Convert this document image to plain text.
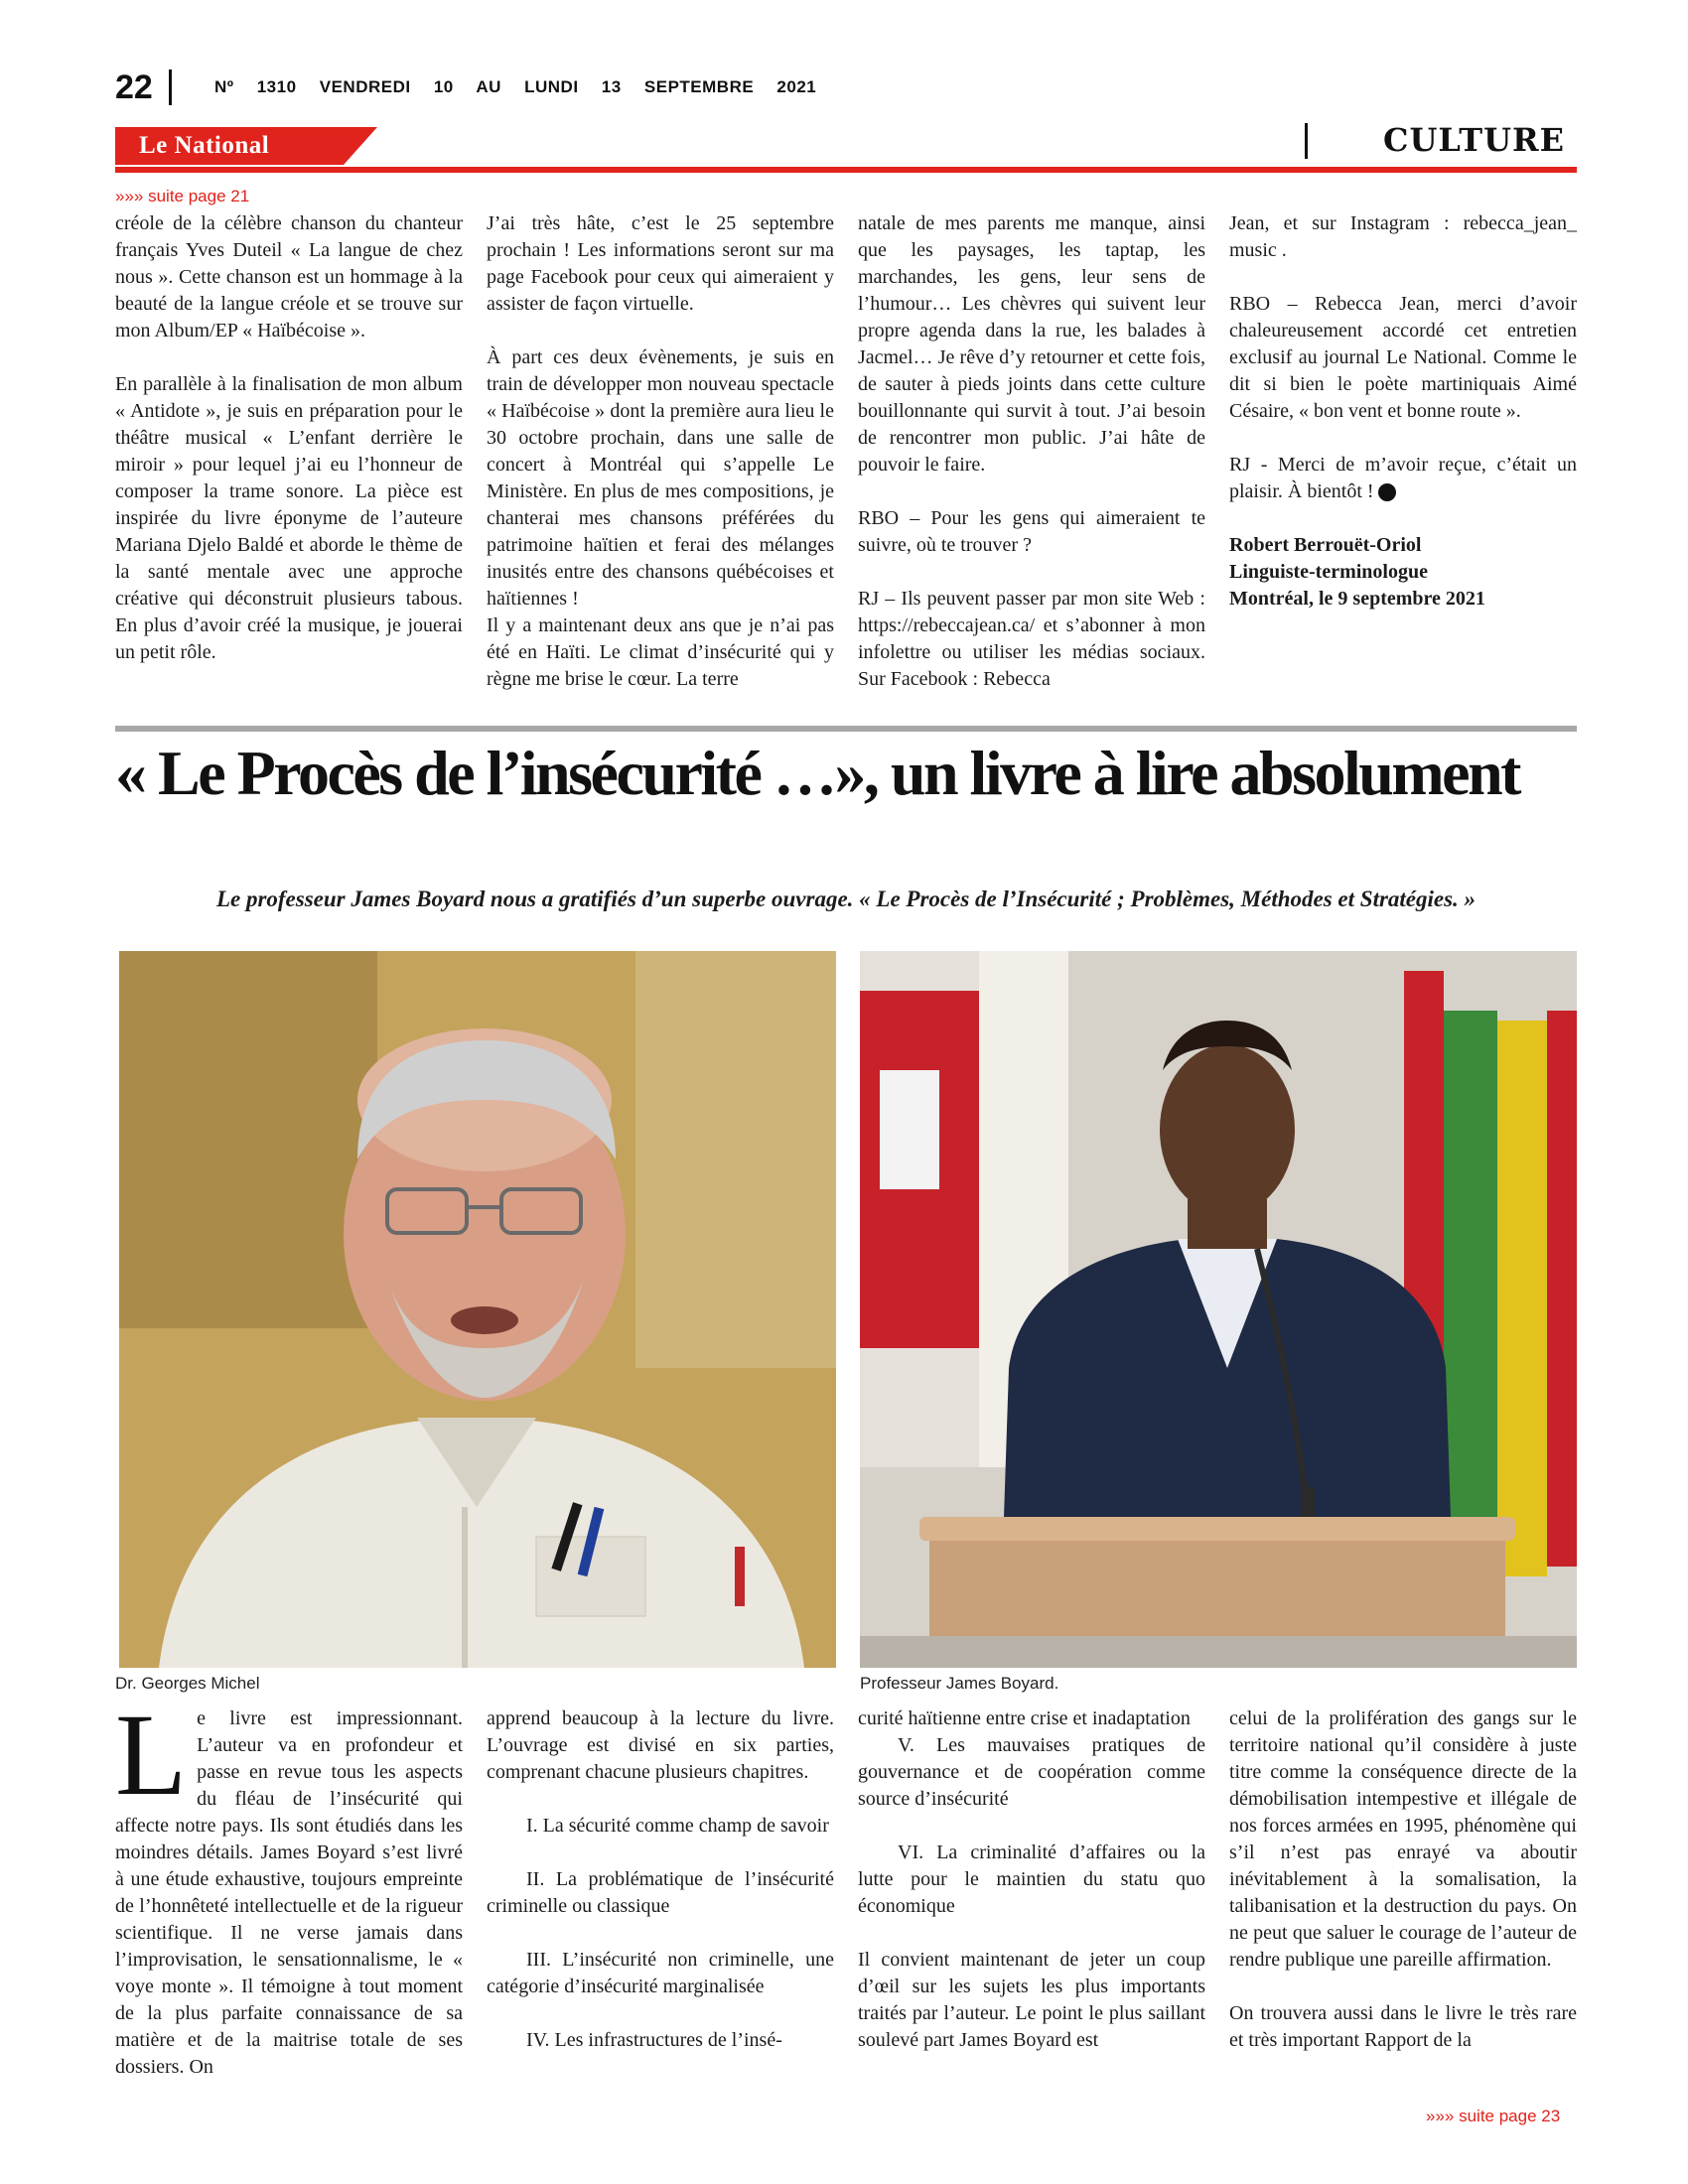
22	Nº 1310 VENDREDI 10 AU LUNDI 13 SEPTEMBRE 2021
Le National	CULTURE
»»» suite page 21

créole de la célèbre chanson du chanteur français Yves Duteil « La langue de chez nous ». Cette chanson est un hommage à la beauté de la langue créole et se trouve sur mon Album/EP « Haïbécoise ».

En parallèle à la finalisation de mon album « Antidote », je suis en préparation pour le théâtre musical « L’enfant derrière le miroir » pour lequel j’ai eu l’honneur de composer la trame sonore. La pièce est inspirée du livre éponyme de l’auteure Mariana Djelo Baldé et aborde le thème de la santé mentale avec une approche créative qui déconstruit plusieurs tabous. En plus d’avoir créé la musique, je jouerai un petit rôle.

J’ai très hâte, c’est le 25 septembre prochain ! Les informations seront sur ma page Facebook pour ceux qui aimeraient y assister de façon virtuelle.

À part ces deux évènements, je suis en train de développer mon nouveau spectacle « Haïbécoise » dont la première aura lieu le 30 octobre prochain, dans une salle de concert à Montréal qui s’appelle Le Ministère. En plus de mes compositions, je chanterai mes chansons préférées du patrimoine haïtien et ferai des mélanges inusités entre des chansons québécoises et haïtiennes !

Il y a maintenant deux ans que je n’ai pas été en Haïti. Le climat d’insécurité qui y règne me brise le cœur. La terre

natale de mes parents me manque, ainsi que les paysages, les taptap, les marchandes, les gens, leur sens de l’humour… Les chèvres qui suivent leur propre agenda dans la rue, les balades à Jacmel… Je rêve d’y retourner et cette fois, de sauter à pieds joints dans cette culture bouillonnante qui survit à tout. J’ai besoin de rencontrer mon public. J’ai hâte de pouvoir le faire.

RBO – Pour les gens qui aimeraient te suivre, où te trouver ?

RJ – Ils peuvent passer par mon site Web : https://rebeccajean.ca/ et s’abonner à mon infolettre ou utiliser les médias sociaux. Sur Facebook : Rebecca

Jean, et sur Instagram : rebecca_jean_ music .

RBO – Rebecca Jean, merci d’avoir chaleureusement accordé cet entretien exclusif au journal Le National. Comme le dit si bien le poète martiniquais Aimé Césaire, « bon vent et bonne route ».

RJ - Merci de m’avoir reçue, c’était un plaisir. À bientôt !

Robert Berrouët-Oriol
Linguiste-terminologue
Montréal, le 9 septembre 2021
« Le Procès de l’insécurité …», un livre à lire absolument
Le professeur James Boyard nous a gratifiés d’un superbe ouvrage. « Le Procès de l’Insécurité ; Problèmes, Méthodes et Stratégies. »
Dr. Georges Michel	Professeur James Boyard.
L e livre est impressionnant. L’auteur va en profondeur et passe en revue tous les aspects du fléau de l’insécurité qui affecte notre pays. Ils sont étudiés dans les moindres détails. James Boyard s’est livré à une étude exhaustive, toujours empreinte de l’honnêteté intellectuelle et de la rigueur scientifique. Il ne verse jamais dans l’improvisation, le sensationnalisme, le « voye monte ». Il témoigne à tout moment de la plus parfaite connaissance de sa matière et de la maitrise totale de ses dossiers. On

apprend beaucoup à la lecture du livre. L’ouvrage est divisé en six parties, comprenant chacune plusieurs chapitres.

I. La sécurité comme champ de savoir

II. La problématique de l’insécurité criminelle ou classique

III. L’insécurité non criminelle, une catégorie d’insécurité marginalisée

IV. Les infrastructures de l’insé-

curité haïtienne entre crise et inadaptation

V. Les mauvaises pratiques de gouvernance et de coopération comme source d’insécurité

VI. La criminalité d’affaires ou la lutte pour le maintien du statu quo économique

Il convient maintenant de jeter un coup d’œil sur les sujets les plus importants traités par l’auteur. Le point le plus saillant soulevé part James Boyard est

celui de la prolifération des gangs sur le territoire national qu’il considère à juste titre comme la conséquence directe de la démobilisation intempestive et illégale de nos forces armées en 1995, phénomène qui s’il n’est pas enrayé va aboutir inévitablement à la somalisation, la talibanisation et la destruction du pays. On ne peut que saluer le courage de l’auteur de rendre publique une pareille affirmation.

On trouvera aussi dans le livre le très rare et très important Rapport de la

»»» suite page 23
